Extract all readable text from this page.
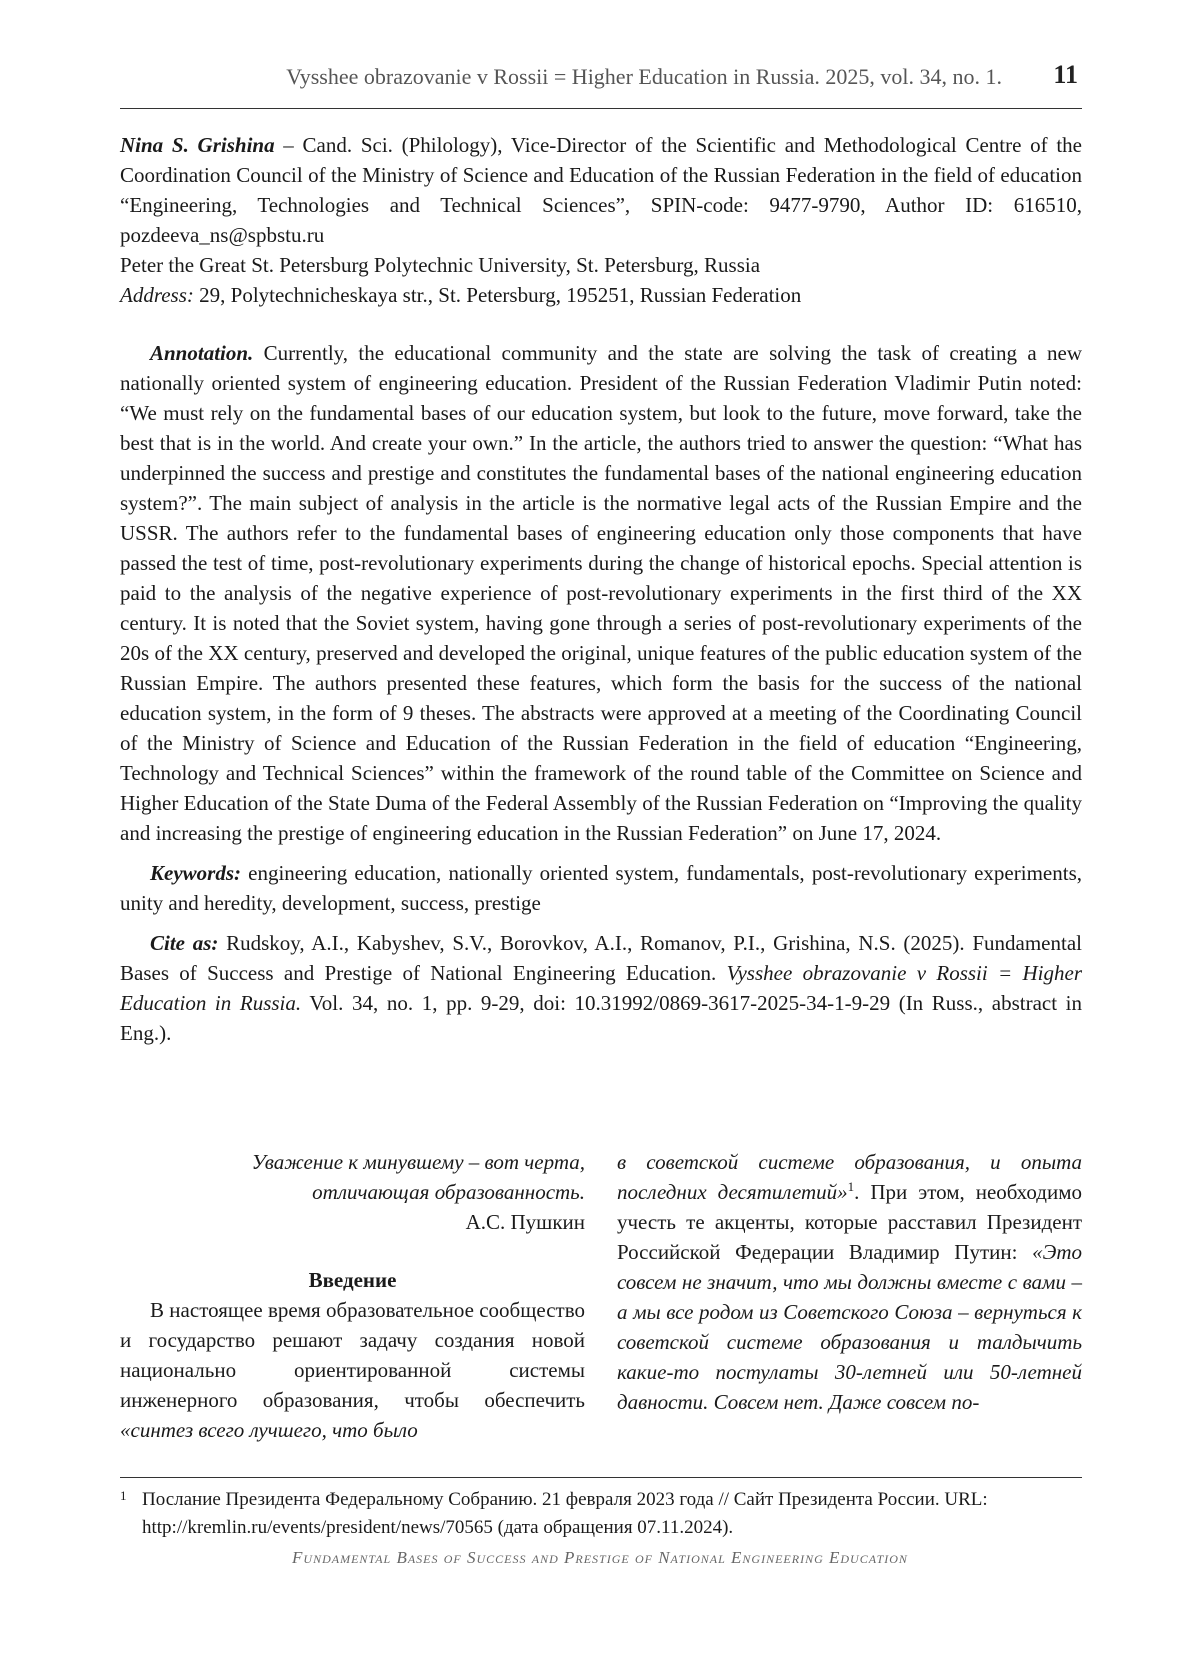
Vysshee obrazovanie v Rossii = Higher Education in Russia. 2025, vol. 34, no. 1. 11

Nina S. Grishina – Cand. Sci. (Philology), Vice-Director of the Scientific and Methodological Centre of the Coordination Council of the Ministry of Science and Education of the Russian Federation in the field of education “Engineering, Technologies and Technical Sciences”, SPIN-code: 9477-9790, Author ID: 616510, pozdeeva_ns@spbstu.ru

Peter the Great St. Petersburg Polytechnic University, St. Petersburg, Russia

Address: 29, Polytechnicheskaya str., St. Petersburg, 195251, Russian Federation

Annotation. Currently, the educational community and the state are solving the task of creating a new nationally oriented system of engineering education. President of the Russian Federation Vladimir Putin noted: “We must rely on the fundamental bases of our education system, but look to the future, move forward, take the best that is in the world. And create your own.” In the article, the authors tried to answer the question: “What has underpinned the success and prestige and constitutes the fundamental bases of the national engineering education system?”. The main subject of analysis in the article is the normative legal acts of the Russian Empire and the USSR. The authors refer to the fundamental bases of engineering education only those components that have passed the test of time, post-revolutionary experiments during the change of historical epochs. Special attention is paid to the analysis of the negative experience of post-revolutionary experiments in the first third of the XX century. It is noted that the Soviet system, having gone through a series of post-revolutionary experiments of the 20s of the XX century, preserved and developed the original, unique features of the public education system of the Russian Empire. The authors presented these features, which form the basis for the success of the national education system, in the form of 9 theses. The abstracts were approved at a meeting of the Coordinating Council of the Ministry of Science and Education of the Russian Federation in the field of education “Engineering, Technology and Technical Sciences” within the framework of the round table of the Committee on Science and Higher Education of the State Duma of the Federal Assembly of the Russian Federation on “Improving the quality and increasing the prestige of engineering education in the Russian Federation” on June 17, 2024.

Keywords: engineering education, nationally oriented system, fundamentals, post-revolutionary experiments, unity and heredity, development, success, prestige

Cite as: Rudskoy, A.I., Kabyshev, S.V., Borovkov, A.I., Romanov, P.I., Grishina, N.S. (2025). Fundamental Bases of Success and Prestige of National Engineering Education. Vysshee obrazovanie v Rossii = Higher Education in Russia. Vol. 34, no. 1, pp. 9-29, doi: 10.31992/0869-3617-2025-34-1-9-29 (In Russ., abstract in Eng.).

Уважение к минувшему – вот черта,
отличающая образованность.
А.С. Пушкин
Введение

В настоящее время образовательное сообщество и государство решают задачу создания новой национально ориентированной системы инженерного образования, чтобы обеспечить «синтез всего лучшего, что было

в советской системе образования, и опыта последних десятилетий»$^1$. При этом, необходимо учесть те акценты, которые расставил Президент Российской Федерации Владимир Путин: «Это совсем не значит, что мы должны вместе с вами – а мы все родом из Советского Союза – вернуться к советской системе образования и талдычить какие-то постулаты 30-летней или 50-летней давности. Совсем нет. Даже совсем по-
1 Послание Президента Федеральному Собранию. 21 февраля 2023 года // Сайт Президента России. URL: http://kremlin.ru/events/president/news/70565 (дата обращения 07.11.2024).
Fundamental Bases of Success and Prestige of National Engineering Education
